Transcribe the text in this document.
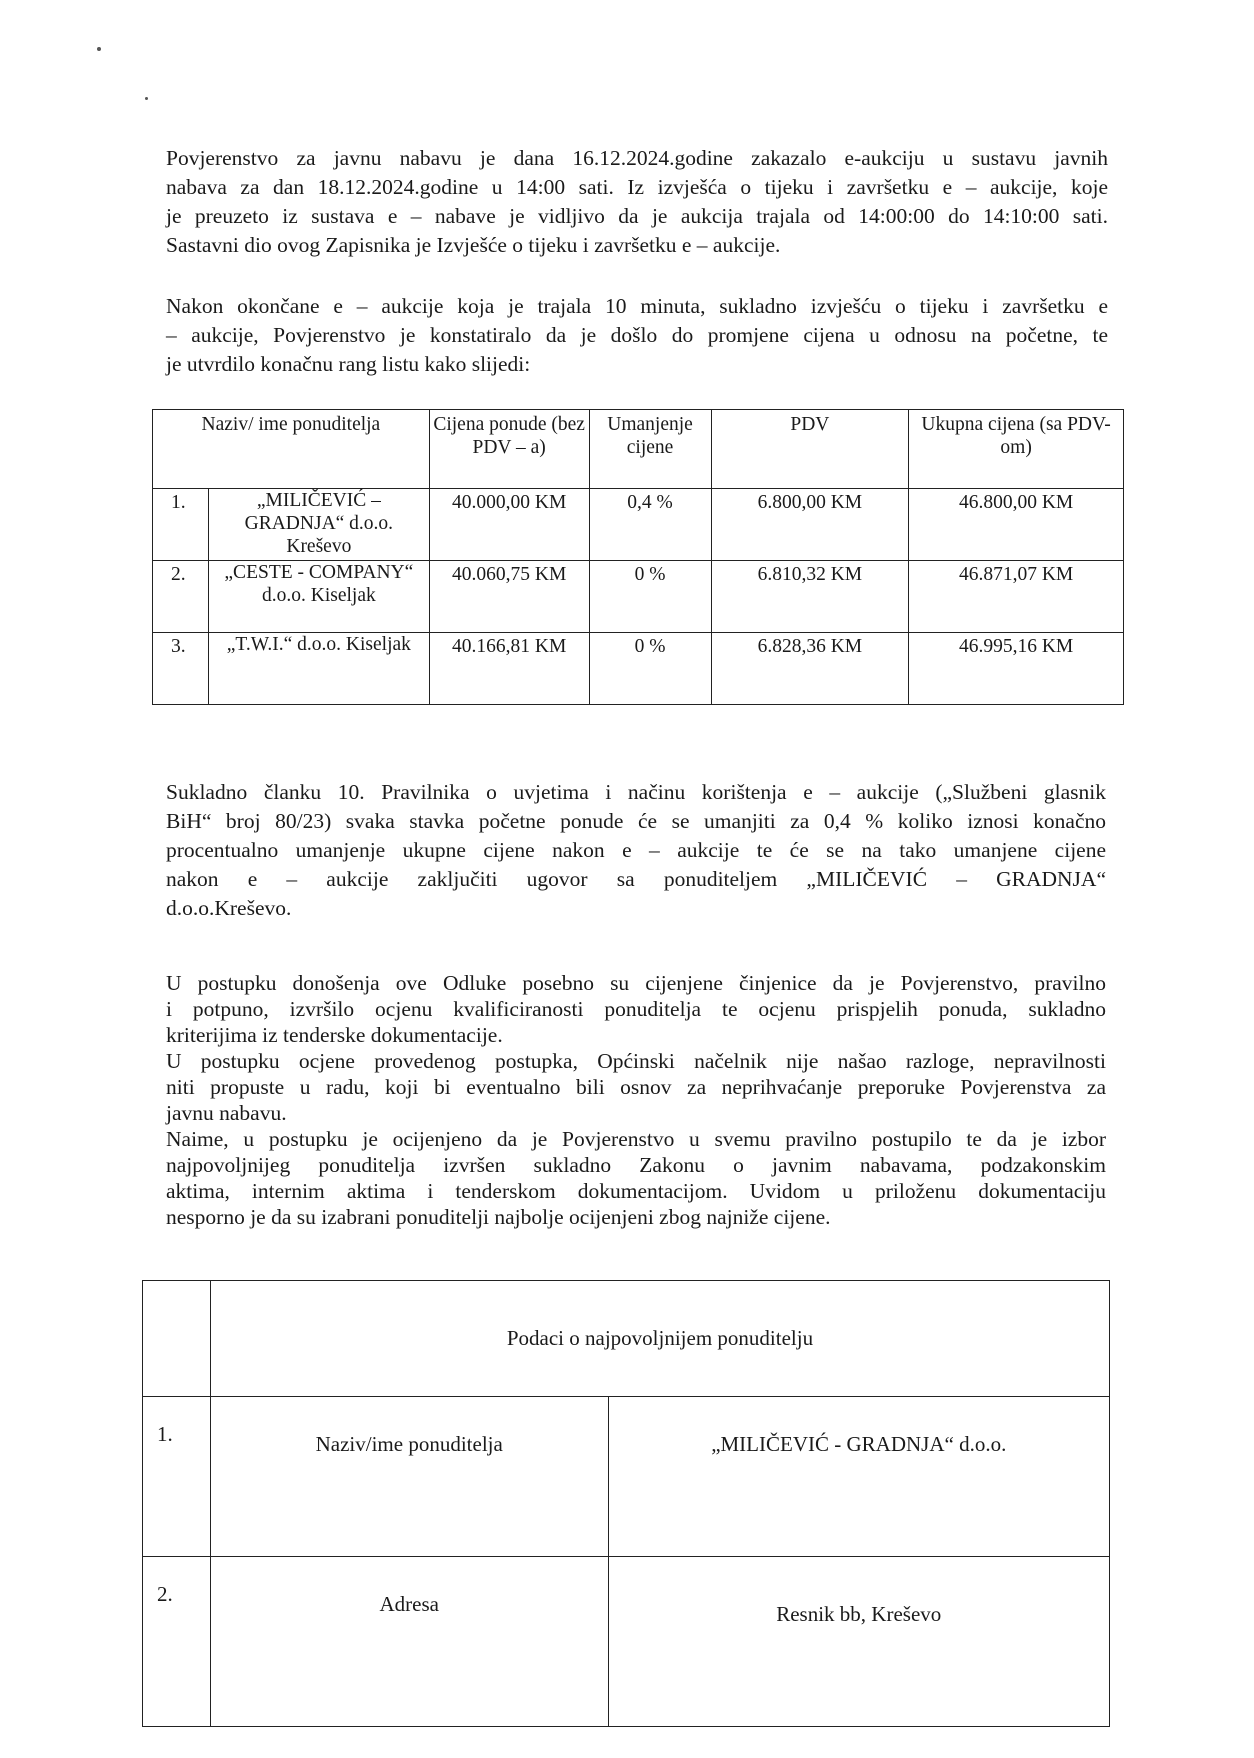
Povjerenstvo za javnu nabavu je dana 16.12.2024.godine zakazalo e-aukciju u sustavu javnih
nabava za dan 18.12.2024.godine u 14:00 sati. Iz izvješća o tijeku i završetku e – aukcije, koje
je preuzeto iz sustava e – nabave je vidljivo da je aukcija trajala od 14:00:00 do 14:10:00 sati.
Sastavni dio ovog Zapisnika je Izvješće o tijeku i završetku e – aukcije.
Nakon okončane e – aukcije koja je trajala 10 minuta, sukladno izvješću o tijeku i završetku e
– aukcije, Povjerenstvo je konstatiralo da je došlo do promjene cijena u odnosu na početne, te
je utvrdilo konačnu rang listu kako slijedi:
Naziv/ ime ponuditelja		Cijena ponude (bez PDV – a)	Umanjenje cijene	PDV	Ukupna cijena (sa PDV-om)
1.	„MILIČEVIĆ – GRADNJA“ d.o.o. Kreševo	40.000,00 KM	0,4 %	6.800,00 KM	46.800,00 KM
2.	„CESTE - COMPANY“ d.o.o. Kiseljak	40.060,75 KM	0 %	6.810,32 KM	46.871,07 KM
3.	„T.W.I.“ d.o.o. Kiseljak	40.166,81 KM	0 %	6.828,36 KM	46.995,16 KM
Sukladno članku 10. Pravilnika o uvjetima i načinu korištenja e – aukcije („Službeni glasnik
BiH“ broj 80/23) svaka stavka početne ponude će se umanjiti za 0,4 % koliko iznosi konačno
procentualno umanjenje ukupne cijene nakon e – aukcije te će se na tako umanjene cijene
nakon e – aukcije zaključiti ugovor sa ponuditeljem „MILIČEVIĆ – GRADNJA“
d.o.o.Kreševo.
U postupku donošenja ove Odluke posebno su cijenjene činjenice da je Povjerenstvo, pravilno
i potpuno, izvršilo ocjenu kvalificiranosti ponuditelja te ocjenu prispjelih ponuda, sukladno
kriterijima iz tenderske dokumentacije.
U postupku ocjene provedenog postupka, Općinski načelnik nije našao razloge, nepravilnosti
niti propuste u radu, koji bi eventualno bili osnov za neprihvaćanje preporuke Povjerenstva za
javnu nabavu.
Naime, u postupku je ocijenjeno da je Povjerenstvo u svemu pravilno postupilo te da je izbor
najpovoljnijeg ponuditelja izvršen sukladno Zakonu o javnim nabavama, podzakonskim
aktima, internim aktima i tenderskom dokumentacijom. Uvidom u priloženu dokumentaciju
nesporno je da su izabrani ponuditelji najbolje ocijenjeni zbog najniže cijene.
	Podaci o najpovoljnijem ponuditelju	
1.	Naziv/ime ponuditelja	„MILIČEVIĆ - GRADNJA“ d.o.o.
2.	Adresa	Resnik bb, Kreševo
